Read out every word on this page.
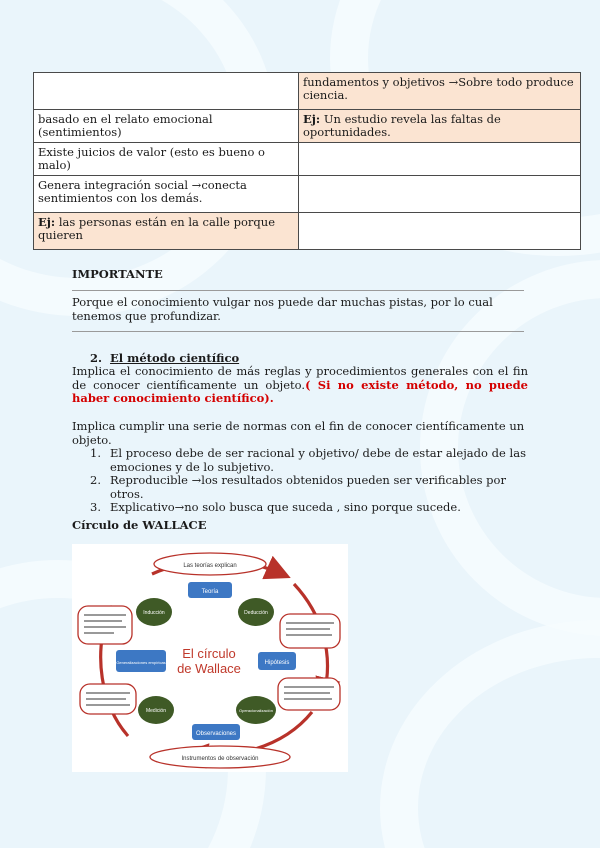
	fundamentos y objetivos →Sobre todo produce ciencia.
basado en el relato emocional (sentimientos)	Ej: Un estudio revela las faltas de oportunidades.
Existe juicios de valor (esto es bueno o malo)	
Genera integración social →conecta sentimientos con los demás.	
Ej: las personas están en la calle porque quieren	
IMPORTANTE
Porque el conocimiento vulgar nos puede dar muchas pistas, por lo cual tenemos que profundizar.
2. El método científico
Implica el conocimiento de más reglas y procedimientos generales con el fin de conocer científicamente un objeto.( Si no existe método, no puede haber conocimiento científico).
Implica cumplir una serie de normas con el fin de conocer científicamente un objeto.
1. El proceso debe de ser racional y objetivo/ debe de estar alejado de las emociones y de lo subjetivo.
2. Reproducible →los resultados obtenidos pueden ser verificables por otros.
3. Explicativo→no solo busca que suceda , sino porque sucede.
Círculo de WALLACE
Las teorías explican
Instrumentos de observación
Teoría
Hipótesis
Generalizaciones empíricas
Observaciones
Deducción
Inducción
Operacionalización
Medición
El círculo
de Wallace
